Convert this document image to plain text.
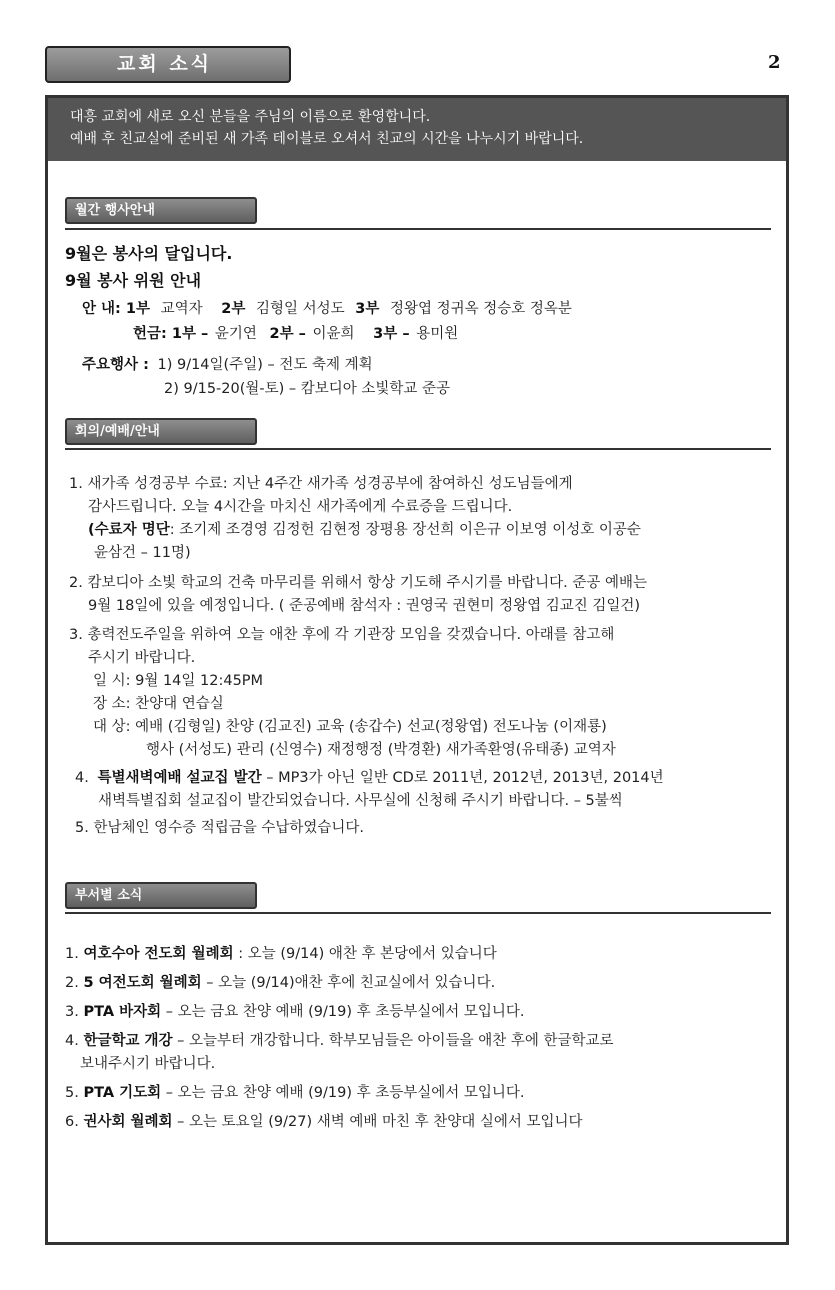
교회 소식	2
대흥 교회에 새로 오신 분들을 주님의 이름으로 환영합니다.
예배 후 친교실에 준비된 새 가족 테이블로 오셔서 친교의 시간을 나누시기 바랍니다.
월간 행사안내
9월은 봉사의 달입니다.
9월 봉사 위원 안내
안 내: 1부 교역자 2부 김형일 서성도 3부 정왕엽 정귀옥 정승호 정옥분
헌금: 1부 – 윤기연 2부 – 이윤희 3부 – 용미원
주요행사 : 1) 9/14일(주일) – 전도 축제 계획
2) 9/15-20(월-토) – 캄보디아 소빛학교 준공
회의/예배/안내
1. 새가족 성경공부 수료: 지난 4주간 새가족 성경공부에 참여하신 성도님들에게
감사드립니다. 오늘 4시간을 마치신 새가족에게 수료증을 드립니다.
(수료자 명단: 조기제 조경영 김정헌 김현정 장평용 장선희 이은규 이보영 이성호 이공순
윤삼건 – 11명)
2. 캄보디아 소빛 학교의 건축 마무리를 위해서 항상 기도해 주시기를 바랍니다. 준공 예배는
9월 18일에 있을 예정입니다. ( 준공예배 참석자 : 권영국 권현미 정왕엽 김교진 김일건)
3. 총력전도주일을 위하여 오늘 애찬 후에 각 기관장 모임을 갖겠습니다. 아래를 참고해
주시기 바랍니다.
일 시: 9월 14일 12:45PM
장 소: 찬양대 연습실
대 상: 예배 (김형일) 찬양 (김교진) 교육 (송갑수) 선교(정왕엽) 전도나눔 (이재룡)
행사 (서성도) 관리 (신영수) 재정행정 (박경환) 새가족환영(유태종) 교역자
4. 특별새벽예배 설교집 발간 – MP3가 아닌 일반 CD로 2011년, 2012년, 2013년, 2014년
새벽특별집회 설교집이 발간되었습니다. 사무실에 신청해 주시기 바랍니다. – 5불씩
5. 한남체인 영수증 적립금을 수납하였습니다.
부서별 소식
1. 여호수아 전도회 월례회 : 오늘 (9/14) 애찬 후 본당에서 있습니다
2. 5 여전도회 월례회 – 오늘 (9/14)애찬 후에 친교실에서 있습니다.
3. PTA 바자회 – 오는 금요 찬양 예배 (9/19) 후 초등부실에서 모입니다.
4. 한글학교 개강 – 오늘부터 개강합니다. 학부모님들은 아이들을 애찬 후에 한글학교로
5. PTA 기도회 – 오는 금요 찬양 예배 (9/19) 후 초등부실에서 모입니다.
6. 권사회 월례회 – 오는 토요일 (9/27) 새벽 예배 마친 후 찬양대 실에서 모입니다
보내주시기 바랍니다.
